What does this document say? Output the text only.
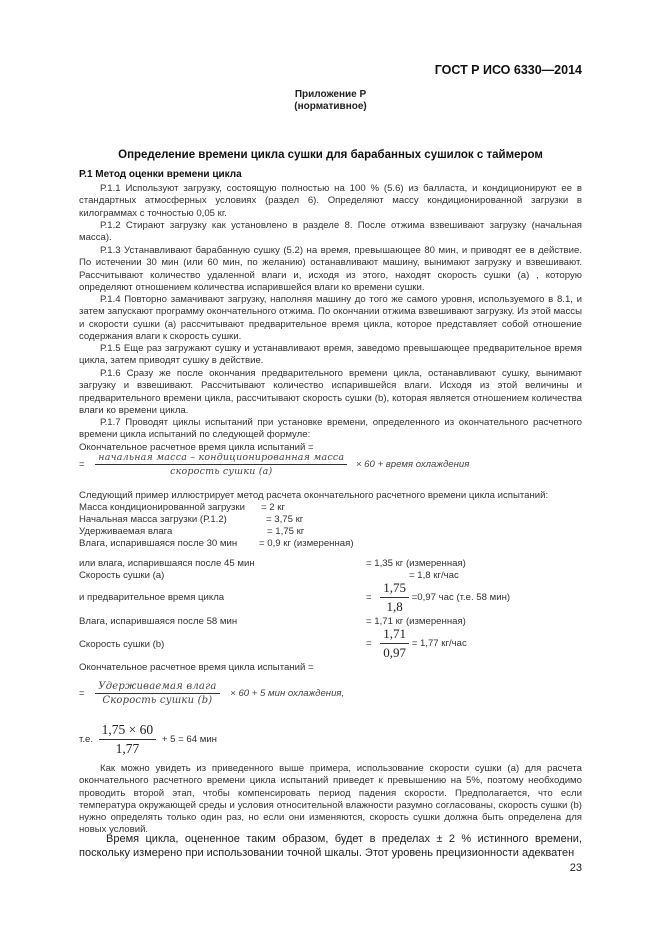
ГОСТ Р ИСО 6330—2014
Приложение Р
(нормативное)
Определение времени цикла сушки для барабанных сушилок с таймером
Р.1 Метод оценки времени цикла
Р.1.1 Используют загрузку, состоящую полностью на 100 % (5.6) из балласта, и кондиционируют ее в стандартных атмосферных условиях (раздел 6). Определяют массу кондиционированной загрузки в килограммах с точностью 0,05 кг.
Р.1.2 Стирают загрузку как установлено в разделе 8. После отжима взвешивают загрузку (начальная масса).
Р.1.3 Устанавливают барабанную сушку (5.2) на время, превышающее 80 мин, и приводят ее в действие. По истечении 30 мин (или 60 мин, по желанию) останавливают машину, вынимают загрузку и взвешивают. Рассчитывают количество удаленной влаги и, исходя из этого, находят скорость сушки (а) , которую определяют отношением количества испарившейся влаги ко времени сушки.
Р.1.4 Повторно замачивают загрузку, наполняя машину до того же самого уровня, используемого в 8.1, и затем запускают программу окончательного отжима. По окончании отжима взвешивают загрузку. Из этой массы и скорости сушки (а) рассчитывают предварительное время цикла, которое представляет собой отношение содержания влаги к скорость сушки.
Р.1.5 Еще раз загружают сушку и устанавливают время, заведомо превышающее предварительное время цикла, затем приводят сушку в действие.
Р.1.6 Сразу же после окончания предварительного времени цикла, останавливают сушку, вынимают загрузку и взвешивают. Рассчитывают количество испарившейся влаги. Исходя из этой величины и предварительного времени цикла, рассчитывают скорость сушки (b), которая является отношением количества влаги ко времени цикла.
Р.1.7 Проводят циклы испытаний при установке времени, определенного из окончательного расчетного времени цикла испытаний по следующей формуле:
Окончательное расчетное время цикла испытаний =
= $\frac{\text{начальная масса – кондиционированная масса}}{\text{скорость сушки (а)}} \times 60$ + время охлаждения
Следующий пример иллюстрирует метод расчета окончательного расчетного времени цикла испытаний:
Масса кондиционированной загрузки = 2 кг
Начальная масса загрузки (Р.1.2)	= 3,75 кг
Удерживаемая влага	= 1,75 кг
Влага, испарившаяся после 30 мин = 0,9 кг (измеренная)
или влага, испарившаяся после 45 мин	= 1,35 кг (измеренная)
Скорость сушки (а)	= 1,8 кг/час
и предварительное время цикла	= $\frac{1,75}{1,8} =0,97$ час (т.е. 58 мин)
Влага, испарившаяся после 58 мин	= 1,71 кг (измеренная)
Скорость сушки (b)	= $\frac{1,71}{0,97} = 1,77$ кг/час
Окончательное расчетное время цикла испытаний =
= $\frac{\text{Удерживаемая влага}}{\text{Скорость сушки (b)}} \times 60 + 5$ мин охлаждения,
т.е. $\frac{1,75 \times 60}{1,77} + 5 = 64$ мин
Как можно увидеть из приведенного выше примера, использование скорости сушки (а) для расчета окончательного расчетного времени цикла испытаний приведет к превышению на 5%, поэтому необходимо проводить второй этап, чтобы компенсировать период падения скорости. Предполагается, что если температура окружающей среды и условия относительной влажности разумно согласованы, скорость сушки (b) нужно определять только один раз, но если они изменяются, скорость сушки должна быть определена для новых условий.
Время цикла, оцененное таким образом, будет в пределах ± 2 % истинного времени, поскольку измерено при использовании точной шкалы. Этот уровень прецизионности адекватен
23
